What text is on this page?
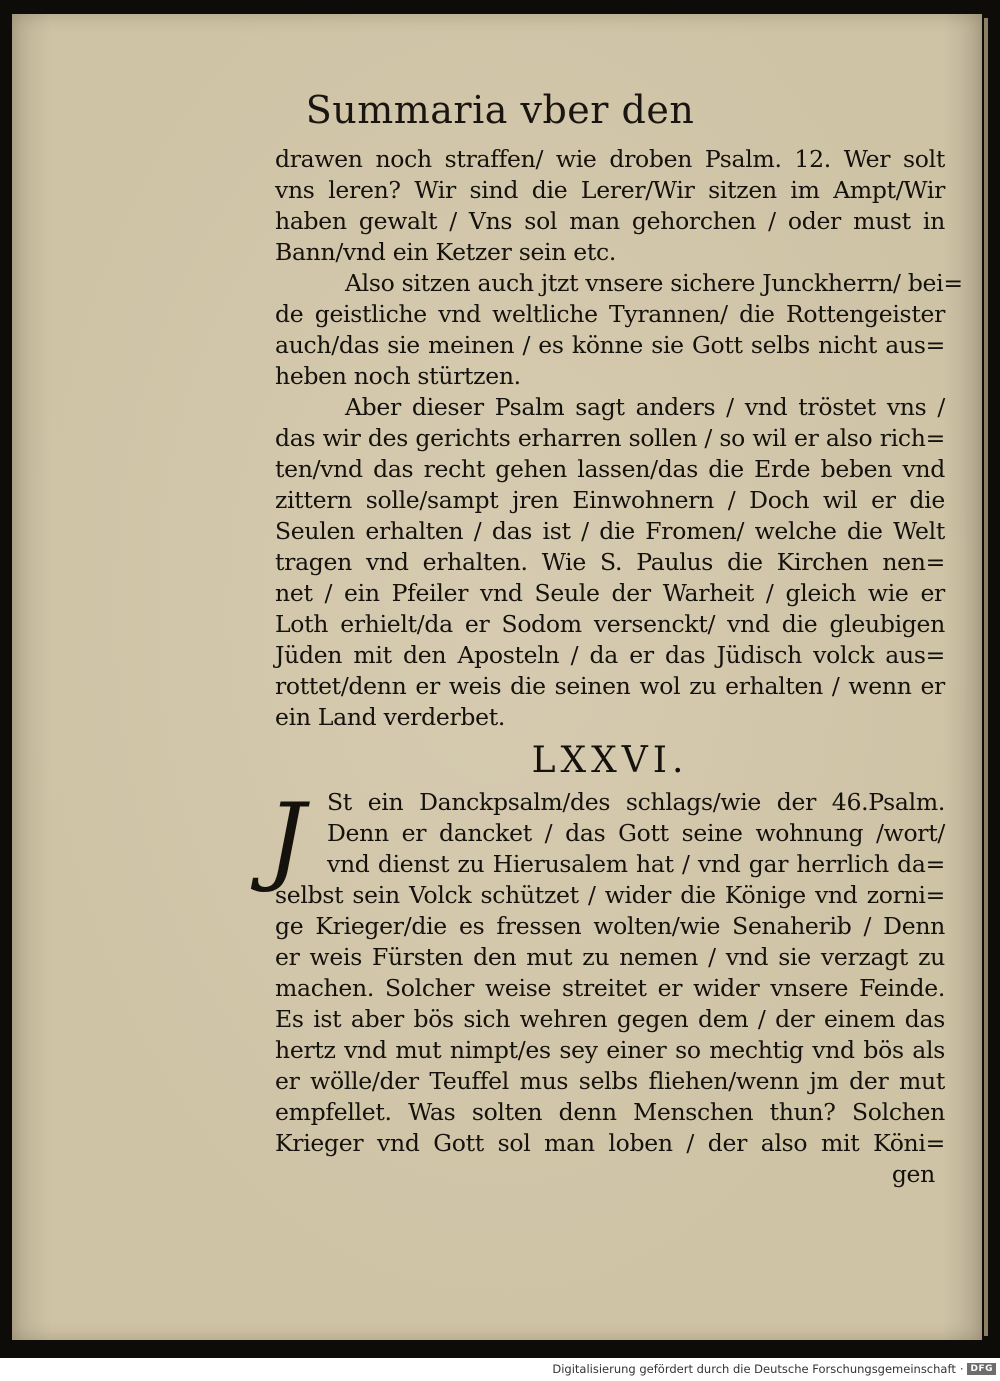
Summaria vber den
drawen noch straffen/ wie droben Psalm. 12. Wer solt
vns leren? Wir sind die Lerer/Wir sitzen im Ampt/Wir
haben gewalt / Vns sol man gehorchen / oder must in
Bann/vnd ein Ketzer sein etc.
Also sitzen auch jtzt vnsere sichere Junckherrn/ bei=
de geistliche vnd weltliche Tyrannen/ die Rottengeister
auch/das sie meinen / es könne sie Gott selbs nicht aus=
heben noch stürtzen.
Aber dieser Psalm sagt anders / vnd tröstet vns /
das wir des gerichts erharren sollen / so wil er also rich=
ten/vnd das recht gehen lassen/das die Erde beben vnd
zittern solle/sampt jren Einwohnern / Doch wil er die
Seulen erhalten / das ist / die Fromen/ welche die Welt
tragen vnd erhalten. Wie S. Paulus die Kirchen nen=
net / ein Pfeiler vnd Seule der Warheit / gleich wie er
Loth erhielt/da er Sodom versenckt/ vnd die gleubigen
Jüden mit den Aposteln / da er das Jüdisch volck aus=
rottet/denn er weis die seinen wol zu erhalten / wenn er
ein Land verderbet.
LXXVI.
J St ein Danckpsalm/des schlags/wie der 46.Psalm.
Denn er dancket / das Gott seine wohnung /wort/
vnd dienst zu Hierusalem hat / vnd gar herrlich da=
selbst sein Volck schützet / wider die Könige vnd zorni=
ge Krieger/die es fressen wolten/wie Senaherib / Denn
er weis Fürsten den mut zu nemen / vnd sie verzagt zu
machen. Solcher weise streitet er wider vnsere Feinde.
Es ist aber bös sich wehren gegen dem / der einem das
hertz vnd mut nimpt/es sey einer so mechtig vnd bös als
er wölle/der Teuffel mus selbs fliehen/wenn jm der mut
empfellet. Was solten denn Menschen thun? Solchen
Krieger vnd Gott sol man loben / der also mit Köni=
gen
Digitalisierung gefördert durch die Deutsche Forschungsgemeinschaft · DFG
